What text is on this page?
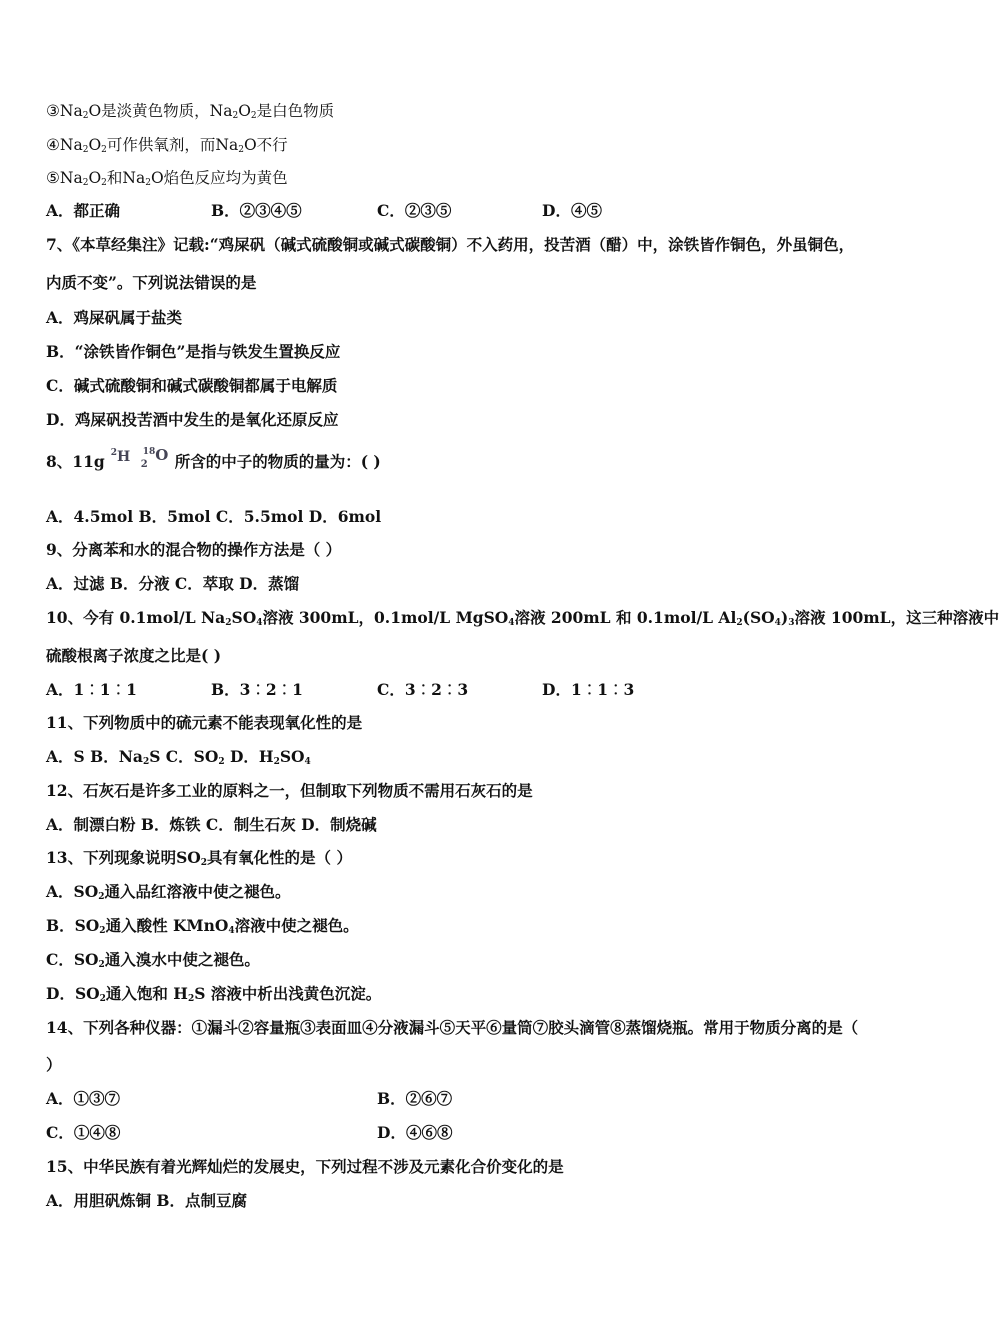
$③Na_2O$是淡黄色物质，$Na_2O_2$是白色物质
$④Na_2O_2$可作供氧剂，而$Na_2O$不行
$⑤Na_2O_2$和$Na_2O$焰色反应均为黄色
A．都正确	B．②③④⑤	C．②③⑤	D．④⑤
7、《本草经集注》记载:“鸡屎矾（碱式硫酸铜或碱式碳酸铜）不入药用，投苦酒（醋）中，涂铁皆作铜色，外虽铜色，
内质不变”。下列说法错误的是
A．鸡屎矾属于盐类
B．“涂铁皆作铜色”是指与铁发生置换反应
C．碱式硫酸铜和碱式碳酸铜都属于电解质
D．鸡屎矾投苦酒中发生的是氧化还原反应
8、11g $^2$H 2
$^{18}$O 所含的中子的物质的量为：( )
A．4.5mol B．5mol C．5.5mol D．6mol
9、分离苯和水的混合物的操作方法是（ ）
A．过滤 B．分液 C．萃取 D．蒸馏
10、今有 0.1mol/L $Na_2SO_4$溶液 300mL，0.1mol/L MgSO$_4$溶液 200mL 和 0.1mol/L $Al_2(SO_4)_3$溶液 100mL，这三种溶液中
硫酸根离子浓度之比是( )
A．1︰1︰1	B．3︰2︰1	C．3︰2︰3	D．1︰1︰3
11、下列物质中的硫元素不能表现氧化性的是
A．S B．$Na_2S$ C．$SO_2$ D．$H_2SO_4$
12、石灰石是许多工业的原料之一，但制取下列物质不需用石灰石的是
A．制漂白粉 B．炼铁 C．制生石灰 D．制烧碱
13、下列现象说明$SO_2$具有氧化性的是（ ）
A．$SO_2$通入品红溶液中使之褪色。
B．$SO_2$通入酸性 KMnO$_4$溶液中使之褪色。
C．$SO_2$通入溴水中使之褪色。
D．$SO_2$通入饱和 $H_2S$ 溶液中析出浅黄色沉淀。
14、下列各种仪器：①漏斗②容量瓶③表面皿④分液漏斗⑤天平⑥量筒⑦胶头滴管⑧蒸馏烧瓶。常用于物质分离的是（
）
A．①③⑦	B．②⑥⑦
C．①④⑧	D．④⑥⑧
15、中华民族有着光辉灿烂的发展史，下列过程不涉及元素化合价变化的是
A．用胆矾炼铜 B．点制豆腐
